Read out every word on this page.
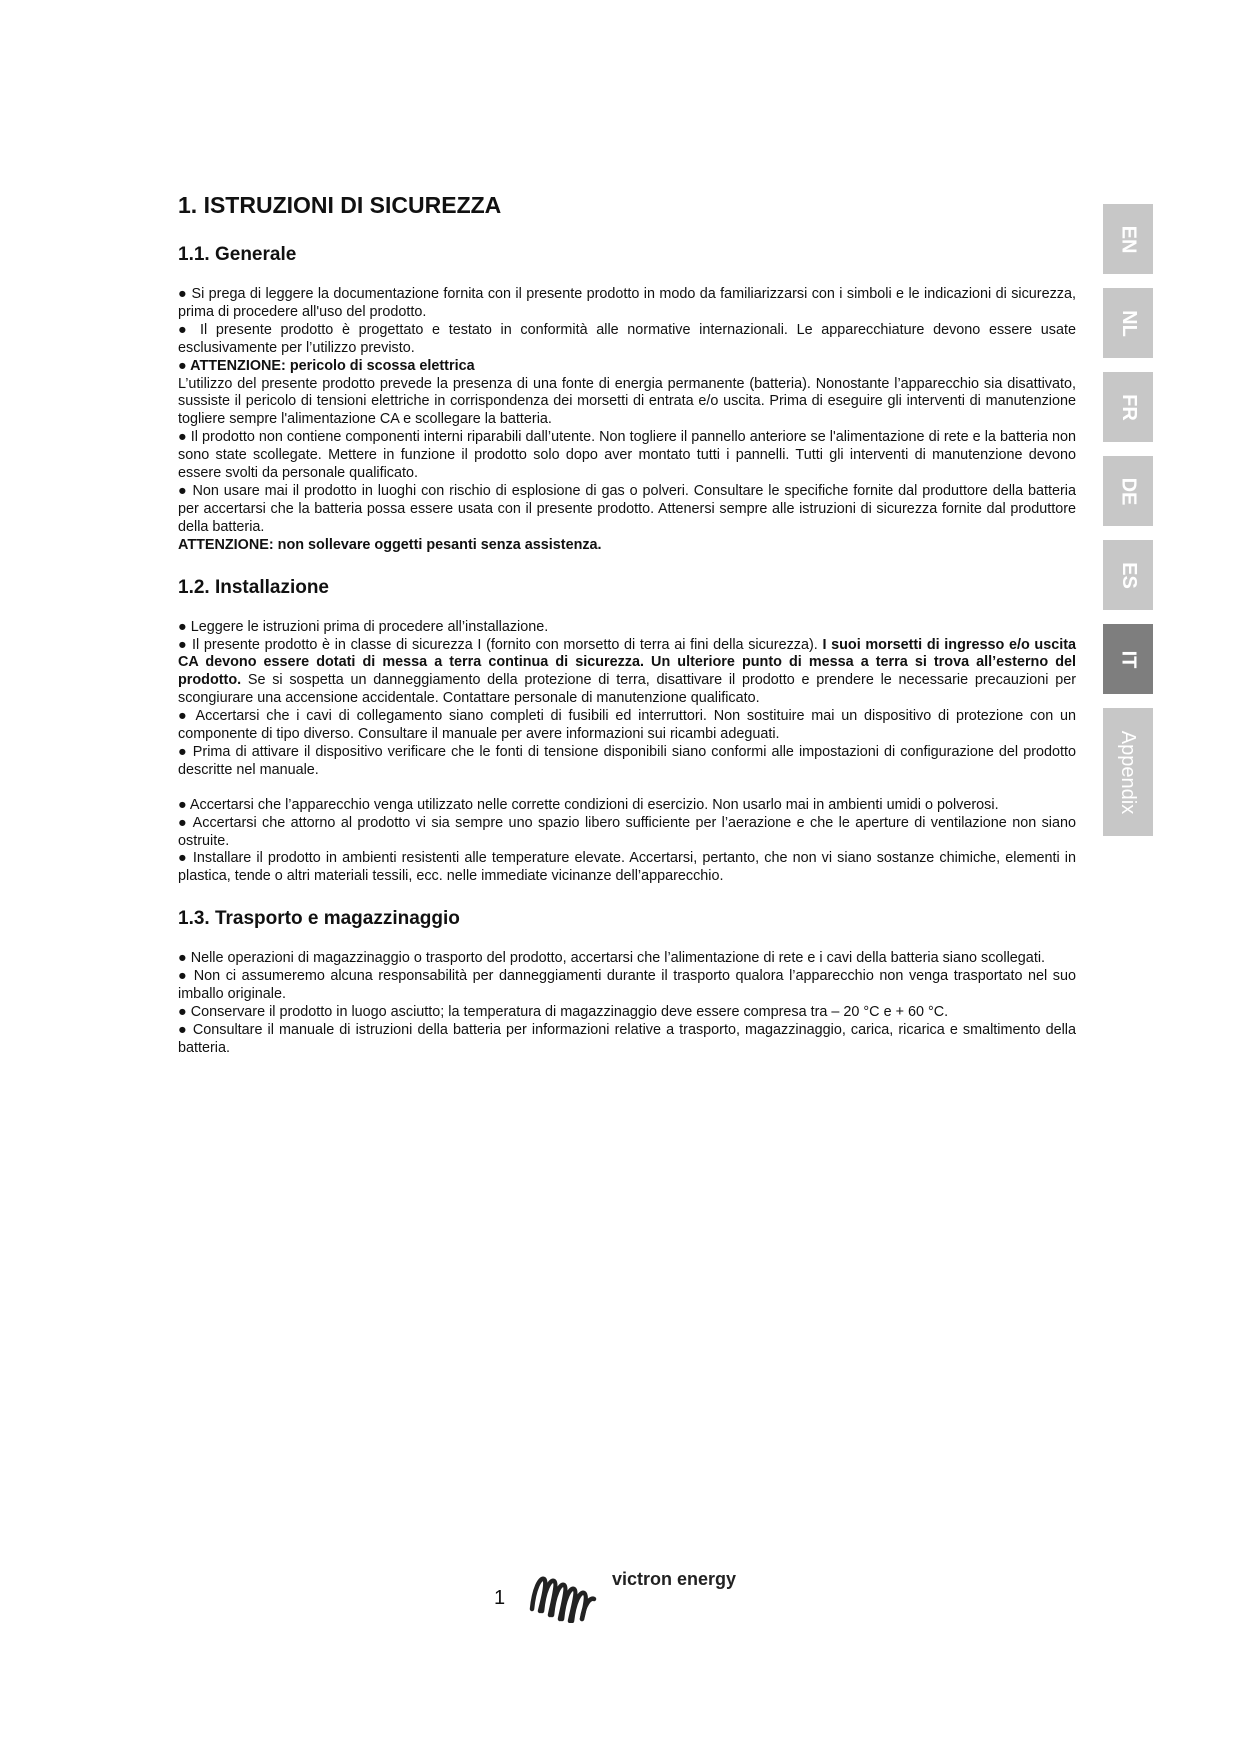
1. ISTRUZIONI DI SICUREZZA
1.1. Generale

● Si prega di leggere la documentazione fornita con il presente prodotto in modo da familiarizzarsi con i simboli e le indicazioni di sicurezza, prima di procedere all'uso del prodotto.

● Il presente prodotto è progettato e testato in conformità alle normative internazionali. Le apparecchiature devono essere usate esclusivamente per l’utilizzo previsto.

● ATTENZIONE: pericolo di scossa elettrica

L’utilizzo del presente prodotto prevede la presenza di una fonte di energia permanente (batteria). Nonostante l’apparecchio sia disattivato, sussiste il pericolo di tensioni elettriche in corrispondenza dei morsetti di entrata e/o uscita. Prima di eseguire gli interventi di manutenzione togliere sempre l'alimentazione CA e scollegare la batteria.

● Il prodotto non contiene componenti interni riparabili dall’utente. Non togliere il pannello anteriore se l'alimentazione di rete e la batteria non sono state scollegate. Mettere in funzione il prodotto solo dopo aver montato tutti i pannelli. Tutti gli interventi di manutenzione devono essere svolti da personale qualificato.

● Non usare mai il prodotto in luoghi con rischio di esplosione di gas o polveri. Consultare le specifiche fornite dal produttore della batteria per accertarsi che la batteria possa essere usata con il presente prodotto. Attenersi sempre alle istruzioni di sicurezza fornite dal produttore della batteria.

ATTENZIONE: non sollevare oggetti pesanti senza assistenza.

1.2. Installazione

● Leggere le istruzioni prima di procedere all’installazione.

● Il presente prodotto è in classe di sicurezza I (fornito con morsetto di terra ai fini della sicurezza). I suoi morsetti di ingresso e/o uscita CA devono essere dotati di messa a terra continua di sicurezza. Un ulteriore punto di messa a terra si trova all’esterno del prodotto. Se si sospetta un danneggiamento della protezione di terra, disattivare il prodotto e prendere le necessarie precauzioni per scongiurare una accensione accidentale. Contattare personale di manutenzione qualificato.

● Accertarsi che i cavi di collegamento siano completi di fusibili ed interruttori. Non sostituire mai un dispositivo di protezione con un componente di tipo diverso. Consultare il manuale per avere informazioni sui ricambi adeguati.

● Prima di attivare il dispositivo verificare che le fonti di tensione disponibili siano conformi alle impostazioni di configurazione del prodotto descritte nel manuale.

● Accertarsi che l’apparecchio venga utilizzato nelle corrette condizioni di esercizio. Non usarlo mai in ambienti umidi o polverosi.

● Accertarsi che attorno al prodotto vi sia sempre uno spazio libero sufficiente per l’aerazione e che le aperture di ventilazione non siano ostruite.

● Installare il prodotto in ambienti resistenti alle temperature elevate. Accertarsi, pertanto, che non vi siano sostanze chimiche, elementi in plastica, tende o altri materiali tessili, ecc. nelle immediate vicinanze dell’apparecchio.

1.3. Trasporto e magazzinaggio

● Nelle operazioni di magazzinaggio o trasporto del prodotto, accertarsi che l’alimentazione di rete e i cavi della batteria siano scollegati.

● Non ci assumeremo alcuna responsabilità per danneggiamenti durante il trasporto qualora l’apparecchio non venga trasportato nel suo imballo originale.

● Conservare il prodotto in luogo asciutto; la temperatura di magazzinaggio deve essere compresa tra – 20 °C e + 60 °C.

● Consultare il manuale di istruzioni della batteria per informazioni relative a trasporto, magazzinaggio, carica, ricarica e smaltimento della batteria.

EN
NL
FR
DE
ES
IT
Appendix
1
victron energy
